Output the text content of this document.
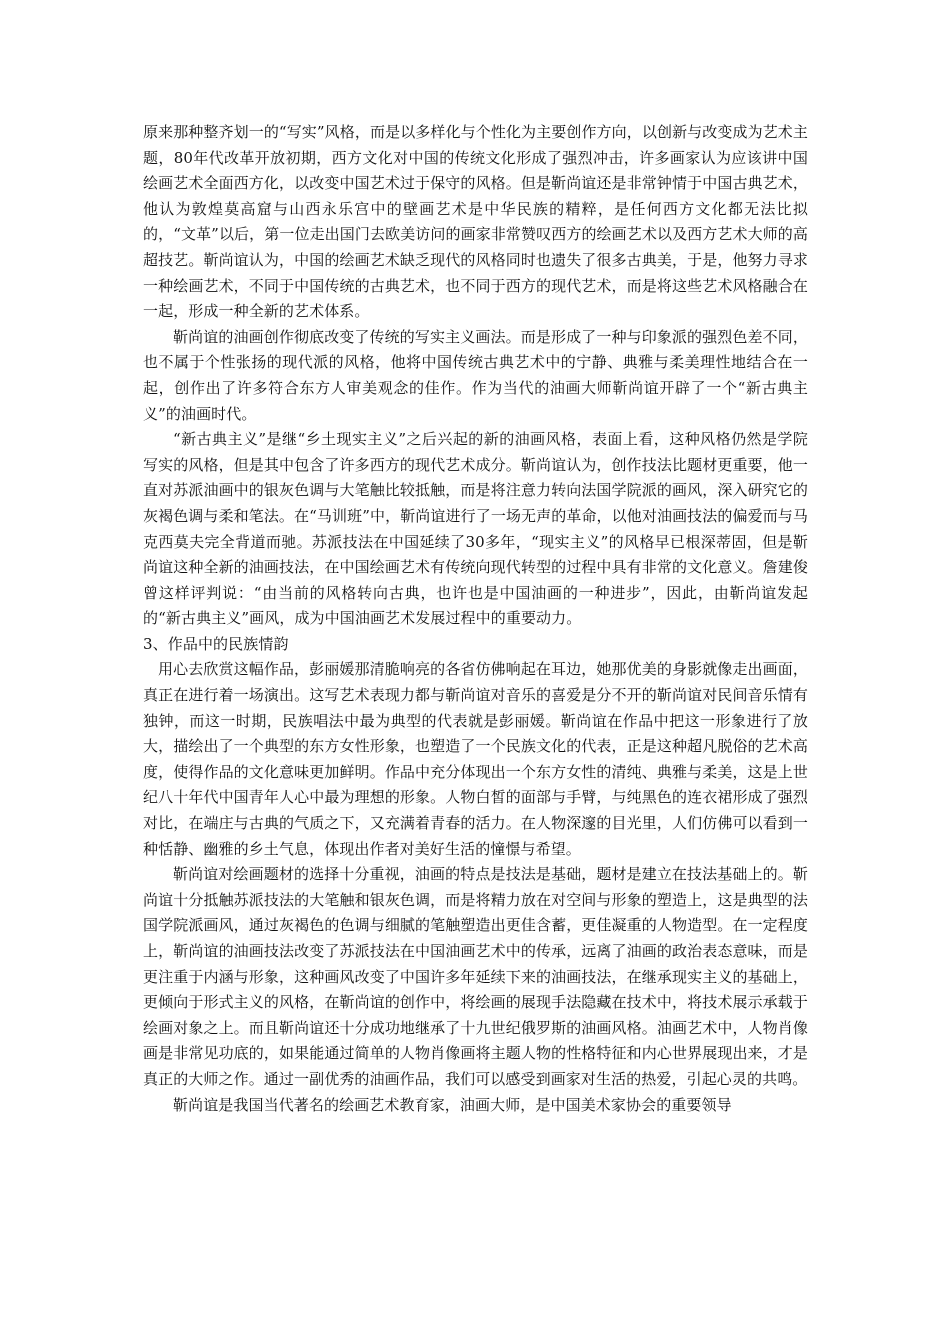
原来那种整齐划一的“写实”风格，而是以多样化与个性化为主要创作方向，以创新与改变成为艺术主题，80年代改革开放初期，西方文化对中国的传统文化形成了强烈冲击，许多画家认为应该讲中国绘画艺术全面西方化，以改变中国艺术过于保守的风格。但是靳尚谊还是非常钟情于中国古典艺术，他认为敦煌莫高窟与山西永乐宫中的壁画艺术是中华民族的精粹，是任何西方文化都无法比拟的，“文革”以后，第一位走出国门去欧美访问的画家非常赞叹西方的绘画艺术以及西方艺术大师的高超技艺。靳尚谊认为，中国的绘画艺术缺乏现代的风格同时也遗失了很多古典美，于是，他努力寻求一种绘画艺术，不同于中国传统的古典艺术，也不同于西方的现代艺术，而是将这些艺术风格融合在一起，形成一种全新的艺术体系。

靳尚谊的油画创作彻底改变了传统的写实主义画法。而是形成了一种与印象派的强烈色差不同，也不属于个性张扬的现代派的风格，他将中国传统古典艺术中的宁静、典雅与柔美理性地结合在一起，创作出了许多符合东方人审美观念的佳作。作为当代的油画大师靳尚谊开辟了一个“新古典主义”的油画时代。

“新古典主义”是继“乡土现实主义”之后兴起的新的油画风格，表面上看，这种风格仍然是学院写实的风格，但是其中包含了许多西方的现代艺术成分。靳尚谊认为，创作技法比题材更重要，他一直对苏派油画中的银灰色调与大笔触比较抵触，而是将注意力转向法国学院派的画风，深入研究它的灰褐色调与柔和笔法。在“马训班”中，靳尚谊进行了一场无声的革命，以他对油画技法的偏爱而与马克西莫夫完全背道而驰。苏派技法在中国延续了30多年，“现实主义”的风格早已根深蒂固，但是靳尚谊这种全新的油画技法，在中国绘画艺术有传统向现代转型的过程中具有非常的文化意义。詹建俊曾这样评判说：“由当前的风格转向古典，也许也是中国油画的一种进步”，因此，由靳尚谊发起的“新古典主义”画风，成为中国油画艺术发展过程中的重要动力。

3、作品中的民族情韵

用心去欣赏这幅作品，彭丽媛那清脆响亮的各省仿佛响起在耳边，她那优美的身影就像走出画面，真正在进行着一场演出。这写艺术表现力都与靳尚谊对音乐的喜爱是分不开的靳尚谊对民间音乐情有独钟，而这一时期，民族唱法中最为典型的代表就是彭丽媛。靳尚谊在作品中把这一形象进行了放大，描绘出了一个典型的东方女性形象，也塑造了一个民族文化的代表，正是这种超凡脱俗的艺术高度，使得作品的文化意味更加鲜明。作品中充分体现出一个东方女性的清纯、典雅与柔美，这是上世纪八十年代中国青年人心中最为理想的形象。人物白皙的面部与手臂，与纯黑色的连衣裙形成了强烈对比，在端庄与古典的气质之下，又充满着青春的活力。在人物深邃的目光里，人们仿佛可以看到一种恬静、幽雅的乡土气息，体现出作者对美好生活的憧憬与希望。

靳尚谊对绘画题材的选择十分重视，油画的特点是技法是基础，题材是建立在技法基础上的。靳尚谊十分抵触苏派技法的大笔触和银灰色调，而是将精力放在对空间与形象的塑造上，这是典型的法国学院派画风，通过灰褐色的色调与细腻的笔触塑造出更佳含蓄，更佳凝重的人物造型。在一定程度上，靳尚谊的油画技法改变了苏派技法在中国油画艺术中的传承，远离了油画的政治表态意味，而是更注重于内涵与形象，这种画风改变了中国许多年延续下来的油画技法，在继承现实主义的基础上，更倾向于形式主义的风格，在靳尚谊的创作中，将绘画的展现手法隐藏在技术中，将技术展示承载于绘画对象之上。而且靳尚谊还十分成功地继承了十九世纪俄罗斯的油画风格。油画艺术中，人物肖像画是非常见功底的，如果能通过简单的人物肖像画将主题人物的性格特征和内心世界展现出来，才是真正的大师之作。通过一副优秀的油画作品，我们可以感受到画家对生活的热爱，引起心灵的共鸣。

靳尚谊是我国当代著名的绘画艺术教育家，油画大师，是中国美术家协会的重要领导
